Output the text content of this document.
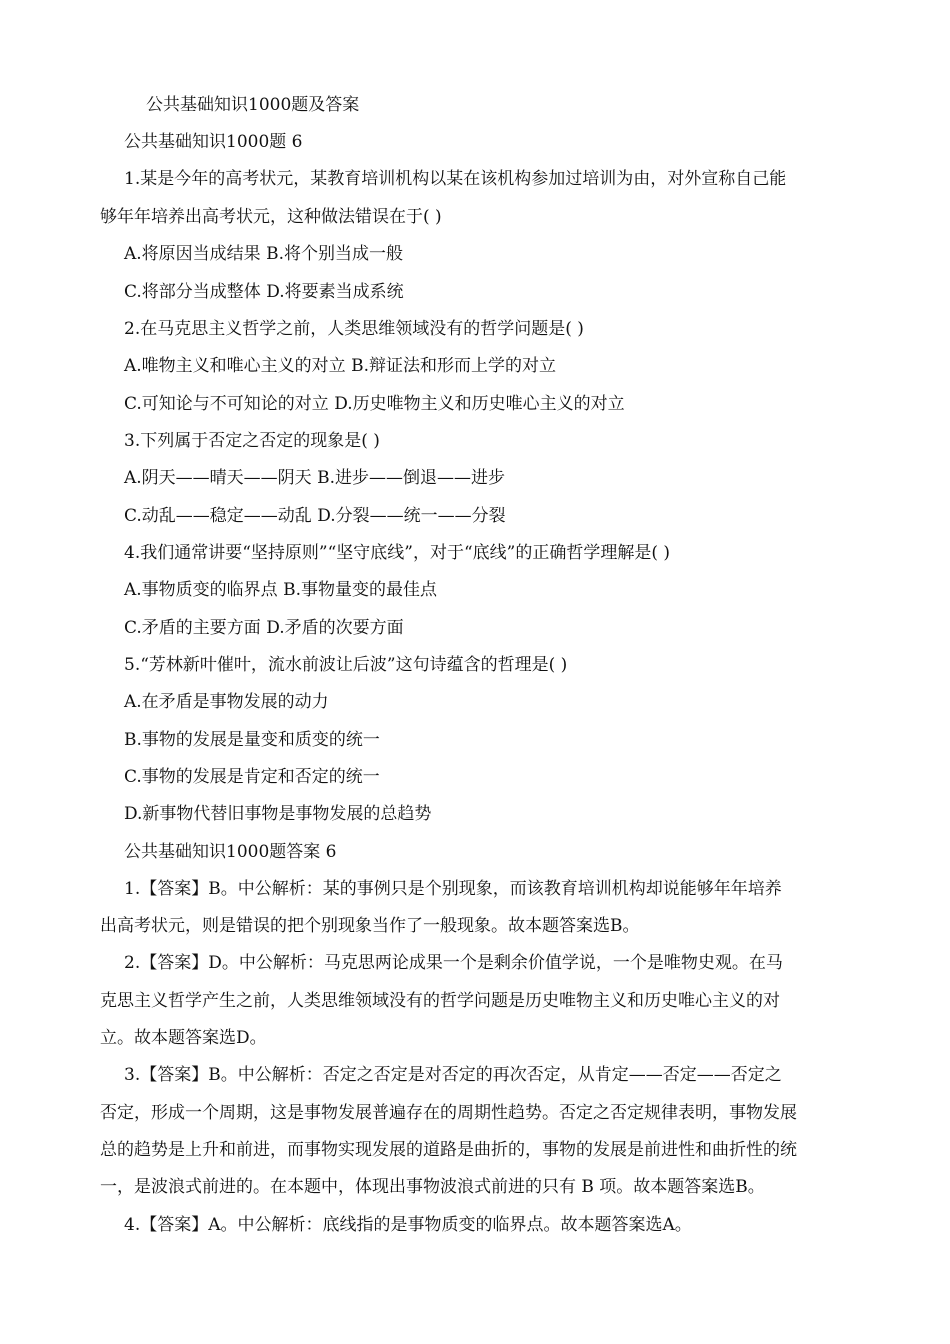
公共基础知识1000题及答案
公共基础知识1000题 6
1.某是今年的高考状元，某教育培训机构以某在该机构参加过培训为由，对外宣称自己能
够年年培养出高考状元，这种做法错误在于( )
A.将原因当成结果 B.将个别当成一般
C.将部分当成整体 D.将要素当成系统
2.在马克思主义哲学之前，人类思维领域没有的哲学问题是( )
A.唯物主义和唯心主义的对立 B.辩证法和形而上学的对立
C.可知论与不可知论的对立 D.历史唯物主义和历史唯心主义的对立
3.下列属于否定之否定的现象是( )
A.阴天——晴天——阴天 B.进步——倒退——进步
C.动乱——稳定——动乱 D.分裂——统一——分裂
4.我们通常讲要“坚持原则”“坚守底线”，对于“底线”的正确哲学理解是( )
A.事物质变的临界点 B.事物量变的最佳点
C.矛盾的主要方面 D.矛盾的次要方面
5.“芳林新叶催叶，流水前波让后波”这句诗蕴含的哲理是( )
A.在矛盾是事物发展的动力
B.事物的发展是量变和质变的统一
C.事物的发展是肯定和否定的统一
D.新事物代替旧事物是事物发展的总趋势
公共基础知识1000题答案 6
1.【答案】B。中公解析：某的事例只是个别现象，而该教育培训机构却说能够年年培养
出高考状元，则是错误的把个别现象当作了一般现象。故本题答案选B。
2.【答案】D。中公解析：马克思两论成果一个是剩余价值学说，一个是唯物史观。在马
克思主义哲学产生之前，人类思维领域没有的哲学问题是历史唯物主义和历史唯心主义的对
立。故本题答案选D。
3.【答案】B。中公解析：否定之否定是对否定的再次否定，从肯定——否定——否定之
否定，形成一个周期，这是事物发展普遍存在的周期性趋势。否定之否定规律表明，事物发展
总的趋势是上升和前进，而事物实现发展的道路是曲折的，事物的发展是前进性和曲折性的统
一，是波浪式前进的。在本题中，体现出事物波浪式前进的只有 B 项。故本题答案选B。
4.【答案】A。中公解析：底线指的是事物质变的临界点。故本题答案选A。
